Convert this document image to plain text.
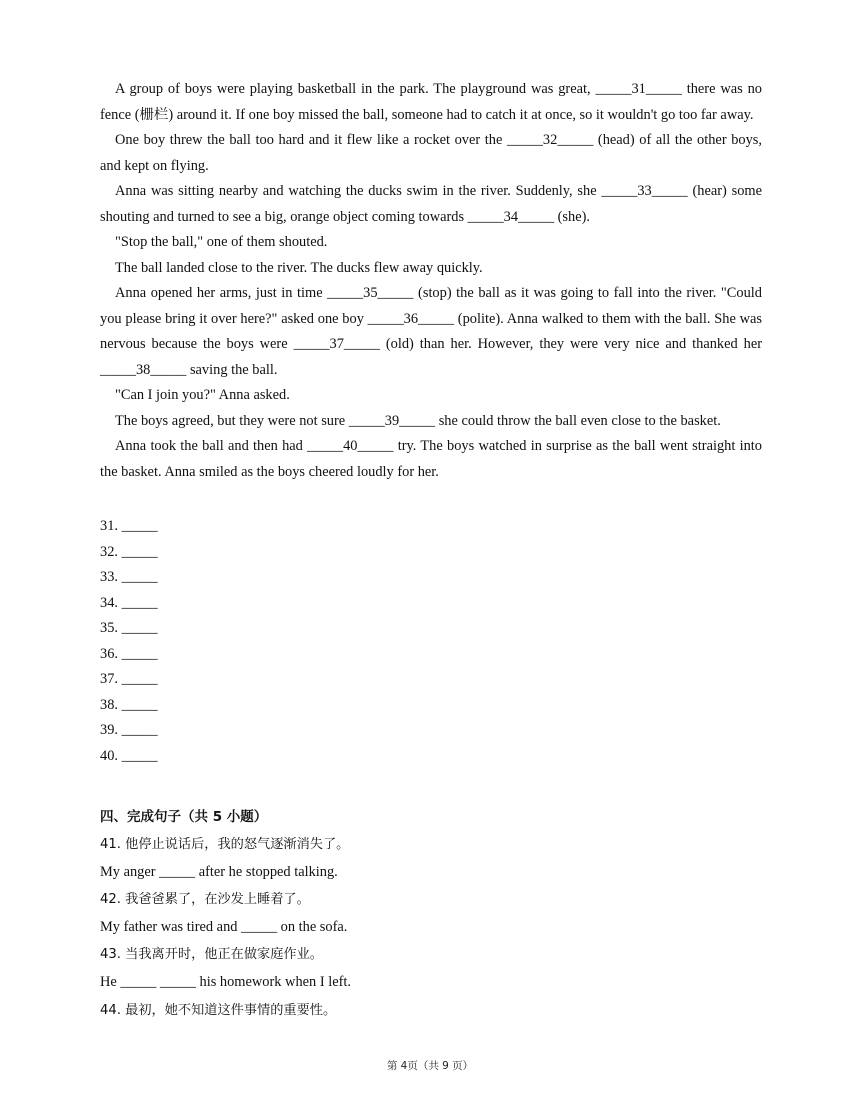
A group of boys were playing basketball in the park. The playground was great, _____31_____ there was no fence (栅栏) around it. If one boy missed the ball, someone had to catch it at once, so it wouldn't go too far away.

One boy threw the ball too hard and it flew like a rocket over the _____32_____ (head) of all the other boys, and kept on flying.

Anna was sitting nearby and watching the ducks swim in the river. Suddenly, she _____33_____ (hear) some shouting and turned to see a big, orange object coming towards _____34_____ (she).

"Stop the ball," one of them shouted.

The ball landed close to the river. The ducks flew away quickly.

Anna opened her arms, just in time _____35_____ (stop) the ball as it was going to fall into the river. "Could you please bring it over here?" asked one boy _____36_____ (polite). Anna walked to them with the ball. She was nervous because the boys were _____37_____ (old) than her. However, they were very nice and thanked her _____38_____ saving the ball.

"Can I join you?" Anna asked.

The boys agreed, but they were not sure _____39_____ she could throw the ball even close to the basket.

Anna took the ball and then had _____40_____ try. The boys watched in surprise as the ball went straight into the basket. Anna smiled as the boys cheered loudly for her.

31. _____
32. _____
33. _____
34. _____
35. _____
36. _____
37. _____
38. _____
39. _____
40. _____
四、完成句子（共 5 小题）
41. 他停止说话后，我的怒气逐渐消失了。
My anger _____ after he stopped talking.
42. 我爸爸累了，在沙发上睡着了。
My father was tired and _____ on the sofa.
43. 当我离开时，他正在做家庭作业。
He _____ _____ his homework when I left.
44. 最初，她不知道这件事情的重要性。
第 4页（共 9 页）
